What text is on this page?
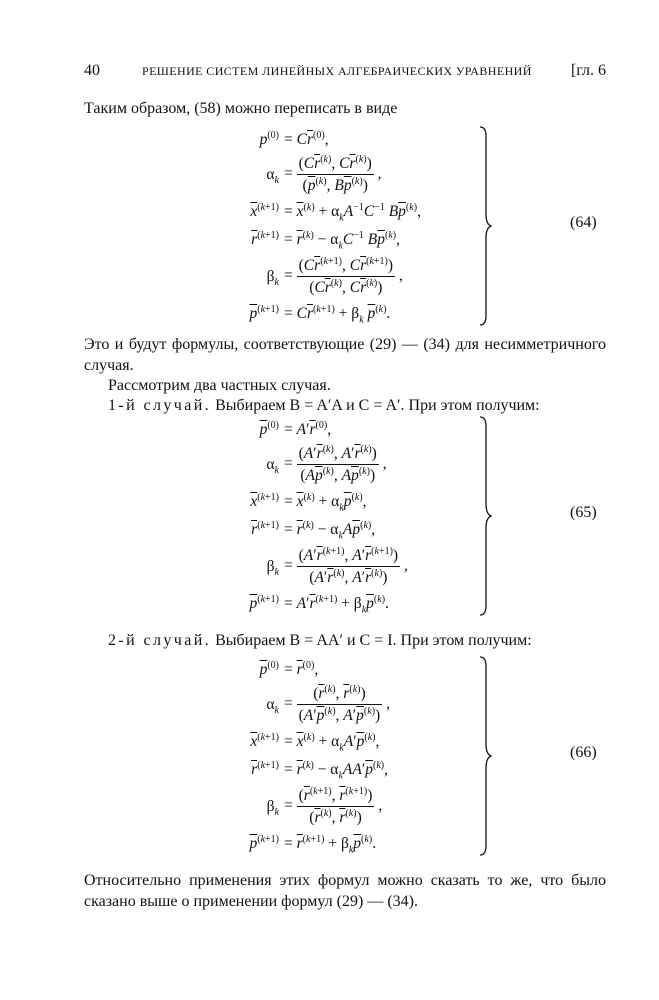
40	РЕШЕНИЕ СИСТЕМ ЛИНЕЙНЫХ АЛГЕБРАИЧЕСКИХ УРАВНЕНИЙ [гл. 6
Таким образом, (58) можно переписать в виде
$p^{(0)} = C\overline{r}^{(0)}$,
$\alpha_k = \frac{(C\overline{r}^{(k)}, C\overline{r}^{(k)})}{(\overline{p}^{(k)}, B\overline{p}^{(k)})}$ ,
$\overline{x}^{(k+1)} = \overline{x}^{(k)} + \alpha_kA^{-1}C^{-1}$ $B\overline{p}^{(k)}$,
$\overline{r}^{(k+1)} = \overline{r}^{(k)} - \alpha_kC^{-1}$ $B\overline{p}^{(k)}$,
$\beta_k = \frac{(C\overline{r}^{(k+1)}, C\overline{r}^{(k+1)})}{(C\overline{r}^{(k)}, C\overline{r}^{(k)})}$ ,
$\overline{p}^{(k+1)} = C\overline{r}^{(k+1)} + \beta_k$ $\overline{p}^{(k)}$.
(64)
Это и будут формулы, соответствующие (29) — (34) для несимметричного случая.
Рассмотрим два частных случая.
1-й случай. Выбираем B = A′A и C = A′. При этом получим:
$\overline{p}^{(0)} = A'\overline{r}^{(0)}$,
$\alpha_k = \frac{(A'\overline{r}^{(k)}, A'\overline{r}^{(k)})}{(A\overline{p}^{(k)}, A\overline{p}^{(k)})}$ ,
$\overline{x}^{(k+1)} = \overline{x}^{(k)} + \alpha_k\overline{p}^{(k)}$,
$\overline{r}^{(k+1)} = \overline{r}^{(k)} - \alpha_kA\overline{p}^{(k)}$,
$\beta_k = \frac{(A'\overline{r}^{(k+1)}, A'\overline{r}^{(k+1)})}{(A'\overline{r}^{(k)}, A'\overline{r}^{(k)})}$ ,
$\overline{p}^{(k+1)} = A'\overline{r}^{(k+1)} + \beta_k\overline{p}^{(k)}$.
(65)
2-й случай. Выбираем B = AA′ и C = I. При этом получим:
$\overline{p}^{(0)} = \overline{r}^{(0)}$,
$\alpha_k = \frac{(\overline{r}^{(k)}, \overline{r}^{(k)})}{(A'\overline{p}^{(k)}, A'\overline{p}^{(k)})}$ ,
$\overline{x}^{(k+1)} = \overline{x}^{(k)} + \alpha_kA'\overline{p}^{(k)}$,
$\overline{r}^{(k+1)} = \overline{r}^{(k)} - \alpha_kAA'\overline{p}^{(k)}$,
$\beta_k = \frac{(\overline{r}^{(k+1)}, \overline{r}^{(k+1)})}{(\overline{r}^{(k)}, \overline{r}^{(k)})}$ ,
$\overline{p}^{(k+1)} = \overline{r}^{(k+1)} + \beta_k\overline{p}^{(k)}$.
(66)
Относительно применения этих формул можно сказать то же, что было сказано выше о применении формул (29) — (34).
